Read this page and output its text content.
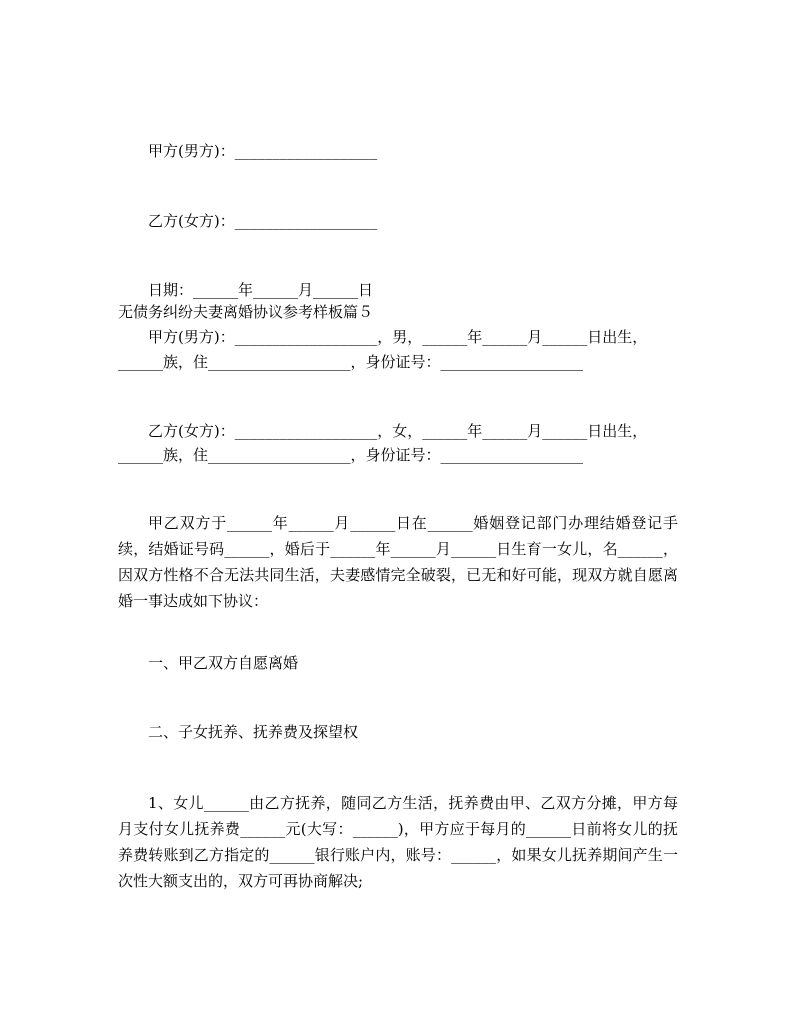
甲方(男方)：___________________

乙方(女方)：___________________

日期：______年______月______日

无债务纠纷夫妻离婚协议参考样板篇５

甲方(男方)：___________________，男，______年______月______日出生，

______族，住___________________，身份证号：___________________

乙方(女方)：___________________，女，______年______月______日出生，

______族，住___________________，身份证号：___________________

甲乙双方于______年______月______日在______婚姻登记部门办理结婚登记手续，结婚证号码______，婚后于______年______月______日生育一女儿，名______，因双方性格不合无法共同生活，夫妻感情完全破裂，已无和好可能，现双方就自愿离婚一事达成如下协议：

一、甲乙双方自愿离婚

二、子女抚养、抚养费及探望权

1、女儿______由乙方抚养，随同乙方生活，抚养费由甲、乙双方分摊，甲方每月支付女儿抚养费______元(大写：______)，甲方应于每月的______日前将女儿的抚养费转账到乙方指定的______银行账户内，账号：______，如果女儿抚养期间产生一次性大额支出的，双方可再协商解决;
